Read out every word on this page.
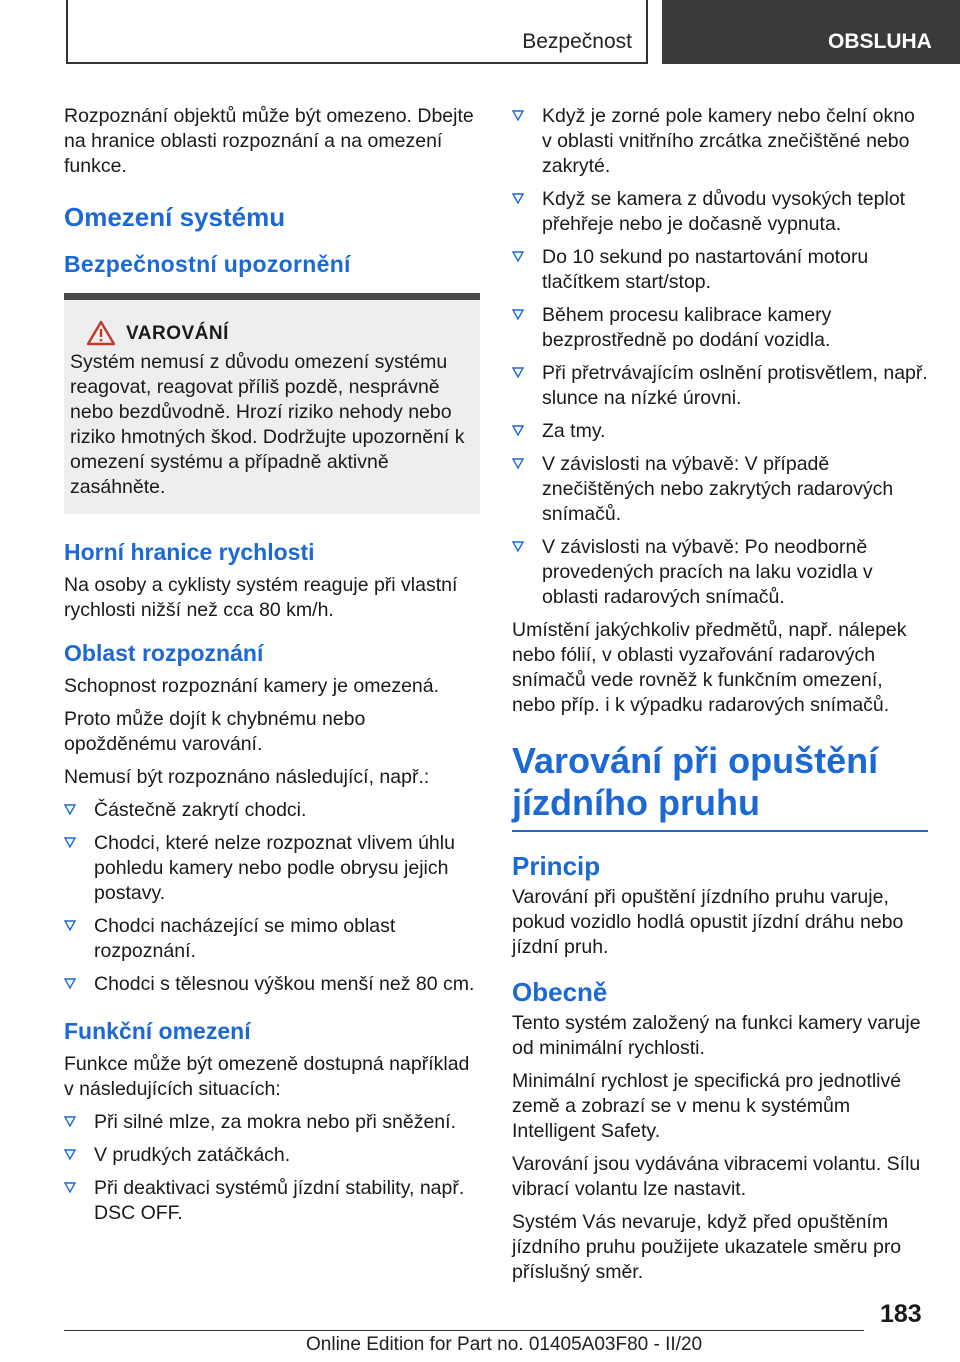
Bezpečnost	OBSLUHA

Rozpoznání objektů může být omezeno. Dbejte na hranice oblasti rozpoznání a na omezení funkce.

Omezení systému
Bezpečnostní upozornění
VAROVÁNÍ

Systém nemusí z důvodu omezení systému reagovat, reagovat příliš pozdě, nesprávně nebo bezdůvodně. Hrozí riziko nehody nebo riziko hmotných škod. Dodržujte upozornění k omezení systému a případně aktivně zasáhněte.

Horní hranice rychlosti

Na osoby a cyklisty systém reaguje při vlastní rychlosti nižší než cca 80 km/h.

Oblast rozpoznání

Schopnost rozpoznání kamery je omezená.

Proto může dojít k chybnému nebo opožděnému varování.

Nemusí být rozpoznáno následující, např.:

Částečně zakrytí chodci.
Chodci, které nelze rozpoznat vlivem úhlu pohledu kamery nebo podle obrysu jejich postavy.
Chodci nacházející se mimo oblast rozpoznání.
Chodci s tělesnou výškou menší než 80 cm.
Funkční omezení

Funkce může být omezeně dostupná například v následujících situacích:

Při silné mlze, za mokra nebo při sněžení.
V prudkých zatáčkách.
Při deaktivaci systémů jízdní stability, např. DSC OFF.
Když je zorné pole kamery nebo čelní okno v oblasti vnitřního zrcátka znečištěné nebo zakryté.
Když se kamera z důvodu vysokých teplot přehřeje nebo je dočasně vypnuta.
Do 10 sekund po nastartování motoru tlačítkem start/stop.
Během procesu kalibrace kamery bezprostředně po dodání vozidla.
Při přetrvávajícím oslnění protisvětlem, např. slunce na nízké úrovni.
Za tmy.
V závislosti na výbavě: V případě znečištěných nebo zakrytých radarových snímačů.
V závislosti na výbavě: Po neodborně provedených pracích na laku vozidla v oblasti radarových snímačů.

Umístění jakýchkoliv předmětů, např. nálepek nebo fólií, v oblasti vyzařování radarových snímačů vede rovněž k funkčním omezení, nebo příp. i k výpadku radarových snímačů.

Varování při opuštění jízdního pruhu
Princip

Varování při opuštění jízdního pruhu varuje, pokud vozidlo hodlá opustit jízdní dráhu nebo jízdní pruh.

Obecně

Tento systém založený na funkci kamery varuje od minimální rychlosti.

Minimální rychlost je specifická pro jednotlivé země a zobrazí se v menu k systémům Intelligent Safety.

Varování jsou vydávána vibracemi volantu. Sílu vibrací volantu lze nastavit.

Systém Vás nevaruje, když před opuštěním jízdního pruhu použijete ukazatele směru pro příslušný směr.

183
Online Edition for Part no. 01405A03F80 - II/20
